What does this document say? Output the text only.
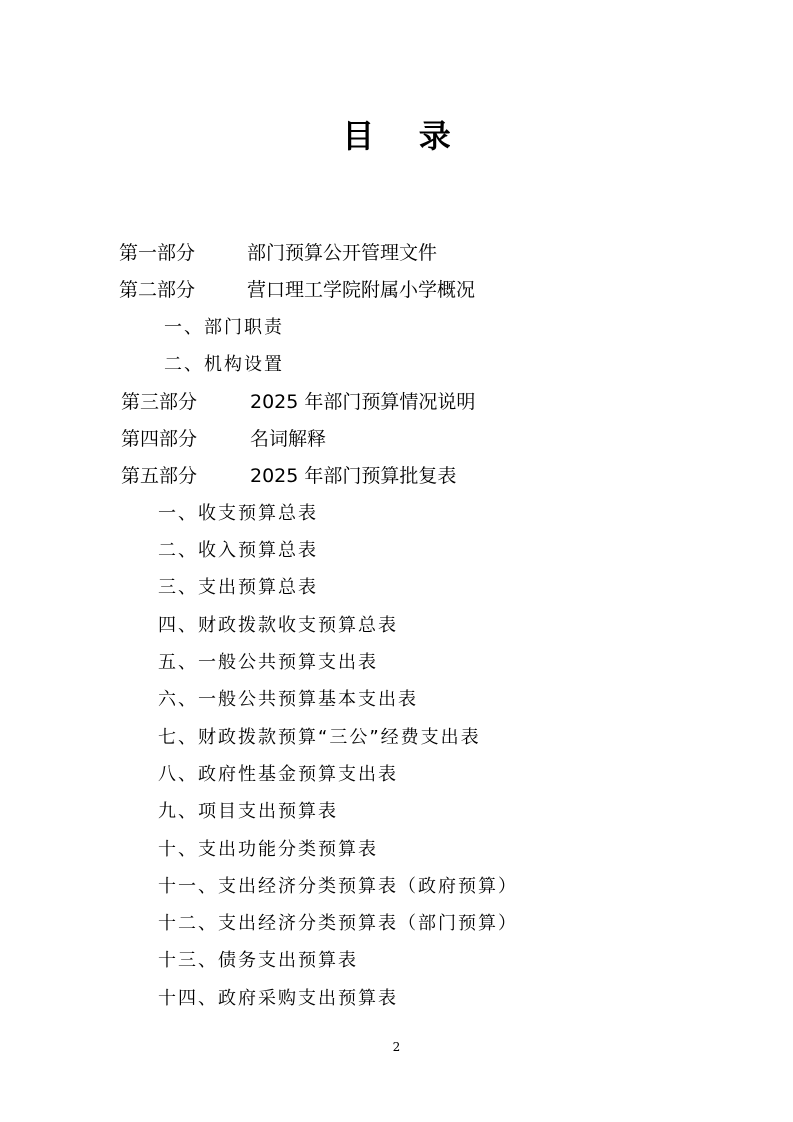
目    录

第一部分

	部门预算公开管理文件

第二部分

	营口理工学院附属小学概况

一、部门职责
二、机构设置

第三部分

	2025 年部门预算情况说明

第四部分

	名词解释

第五部分

	2025 年部门预算批复表

一、收支预算总表
二、收入预算总表
三、支出预算总表
四、财政拨款收支预算总表
五、一般公共预算支出表
六、一般公共预算基本支出表
七、财政拨款预算“三公”经费支出表
八、政府性基金预算支出表
九、项目支出预算表
十、支出功能分类预算表
十一、支出经济分类预算表（政府预算）
十二、支出经济分类预算表（部门预算）
十三、债务支出预算表
十四、政府采购支出预算表
2
